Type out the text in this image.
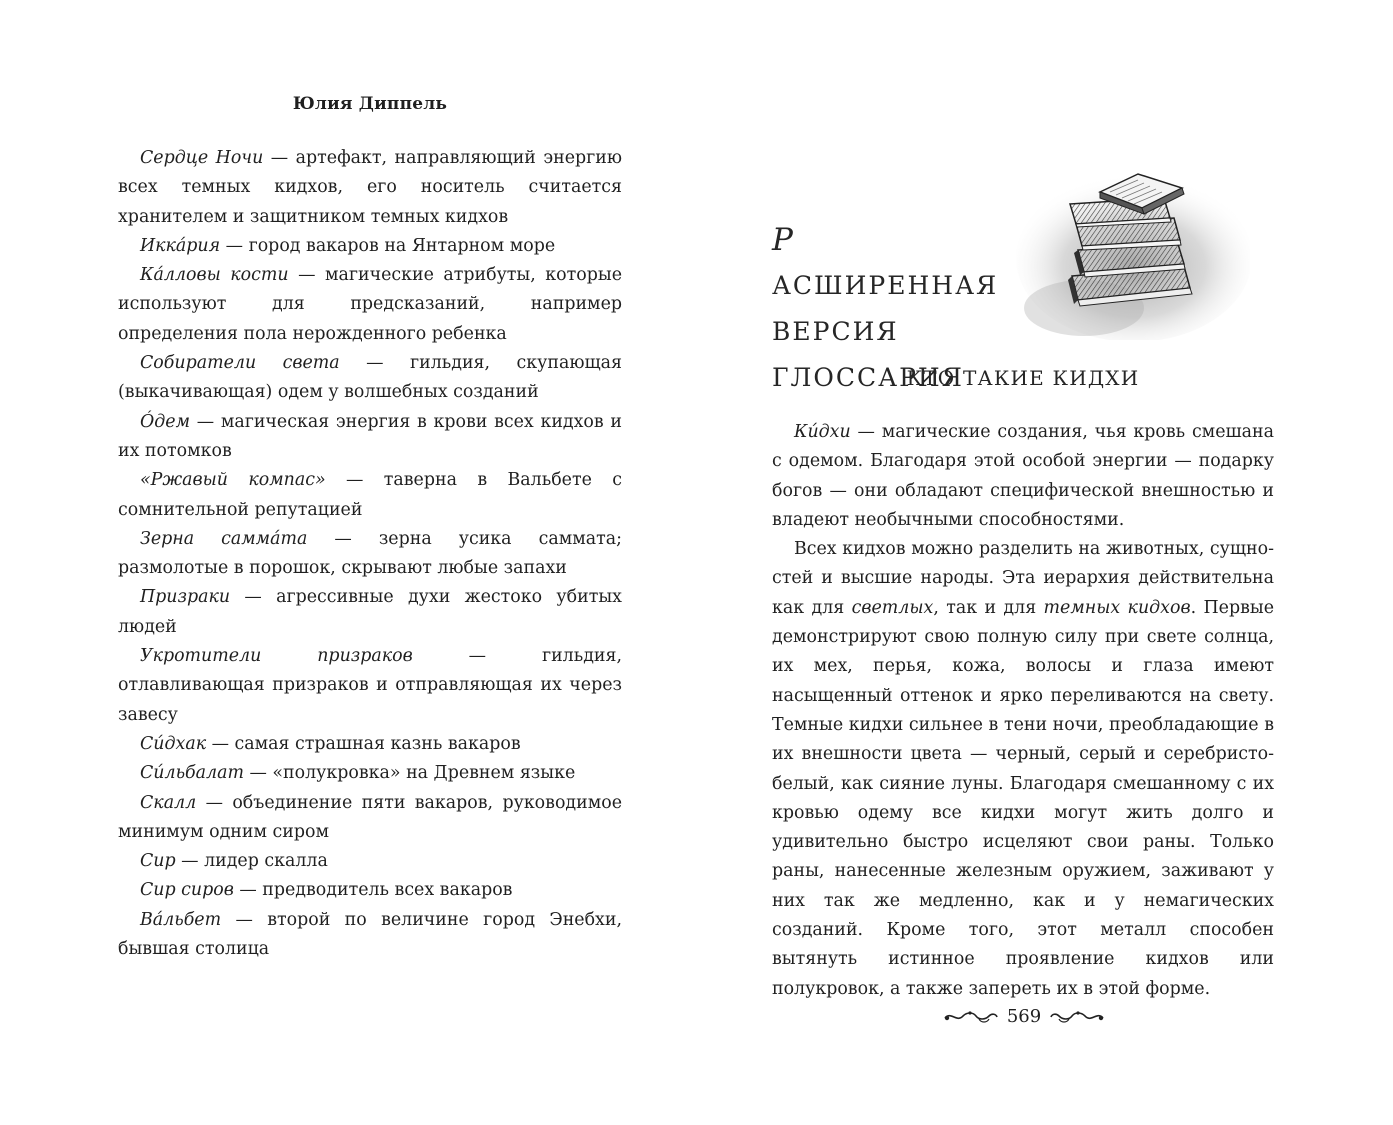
Юлия Диппель

Сердце Ночи — артефакт, направляющий энергию всех темных кидхов, его носитель считается хранителем и защитником темных кидхов

Иккáрия — город вакаров на Янтарном море

Кáлловы кости — магические атрибуты, которые используют для предсказаний, например определения пола нерожденного ребенка

Собиратели света — гильдия, скупающая (выкачивающая) одем у волшебных созданий

Óдем — магическая энергия в крови всех кидхов и их потомков

«Ржавый компас» — таверна в Вальбете с сомнительной репутацией

Зерна саммáта — зерна усика саммата; размолотые в порошок, скрывают любые запахи

Призраки — агрессивные духи жестоко убитых людей

Укротители призраков — гильдия, отлавливающая призраков и отправляющая их через завесу

Сúдхак — самая страшная казнь вакаров

Сúльбалат — «полукровка» на Древнем языке

Скалл — объединение пяти вакаров, руководимое минимум одним сиром

Сир — лидер скалла

Сир сиров — предводитель всех вакаров

Вáльбет — второй по величине город Энебхи, бывшая столица

Р
АСШИРЕННАЯ
ВЕРСИЯ
ГЛОССАРИЯ
КТО ТАКИЕ КИДХИ

Кúдхи — магические создания, чья кровь смешана с одемом. Благодаря этой особой энергии — подарку богов — они обладают специфической внешностью и владеют необычными способностями.

Всех кидхов можно разделить на животных, сущностей и высшие народы. Эта иерархия действительна как для светлых, так и для темных кидхов. Первые демонстрируют свою полную силу при свете солнца, их мех, перья, кожа, волосы и глаза имеют насыщенный оттенок и ярко переливаются на свету. Темные кидхи сильнее в тени ночи, преобладающие в их внешности цвета — черный, серый и серебристо-белый, как сияние луны. Благодаря смешанному с их кровью одему все кидхи могут жить долго и удивительно быстро исцеляют свои раны. Только раны, нанесенные железным оружием, заживают у них так же медленно, как и у немагических созданий. Кроме того, этот металл способен вытянуть истинное проявление кидхов или полукровок, а также запереть их в этой форме.

569
